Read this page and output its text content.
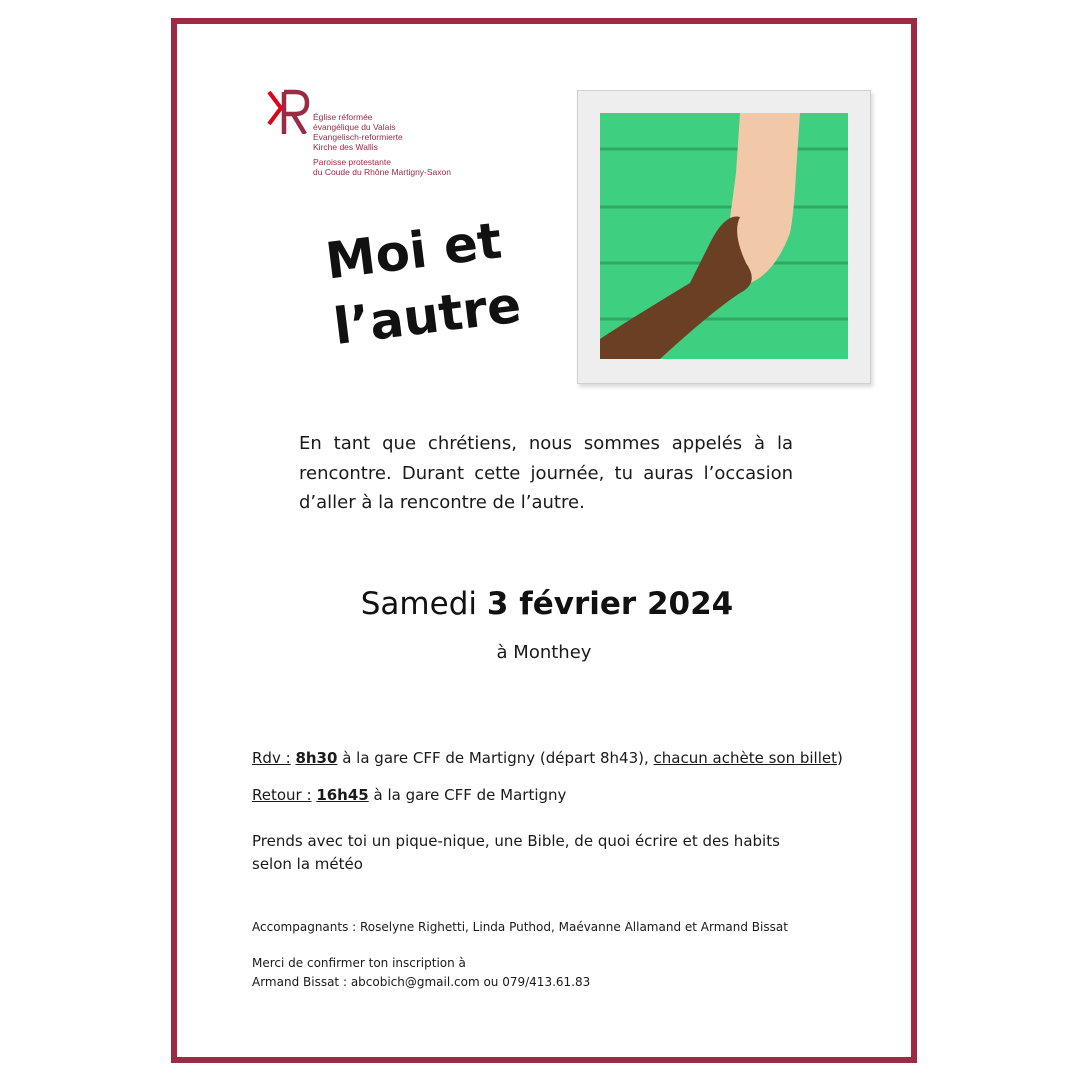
Église réformée
évangélique du Valais
Evangelisch-reformierte
Kirche des Wallis
Paroisse protestante
du Coude du Rhône Martigny-Saxon
Moi et
l’autre
En tant que chrétiens, nous sommes appelés à la rencontre. Durant cette journée, tu auras l’occasion d’aller à la rencontre de l’autre.
Samedi 3 février 2024
à Monthey
Rdv : 8h30 à la gare CFF de Martigny (départ 8h43), chacun achète son billet)
Retour : 16h45 à la gare CFF de Martigny
Prends avec toi un pique-nique, une Bible, de quoi écrire et des habits selon la météo
Accompagnants : Roselyne Righetti, Linda Puthod, Maévanne Allamand et Armand Bissat
Merci de confirmer ton inscription à
Armand Bissat : abcobich@gmail.com ou 079/413.61.83
